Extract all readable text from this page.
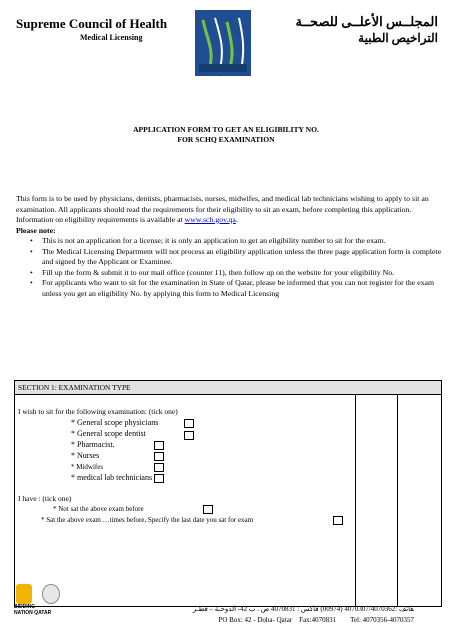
Supreme Council of Health
Medical Licensing
المجلــس الأعلــى للصحــة
التراخيص الطبية
APPLICATION FORM TO GET AN ELIGIBILITY NO.
FOR SCHQ EXAMINATION

This form is to be used by physicians, dentists, pharmacists, nurses, midwifes, and medical lab technicians wishing to apply to sit an examination. All applicants should read the requirements for their eligibility to sit an exam, before completing this application. Information on eligibility requirements is available at www.sch.gov.qa.

Please note:

• This is not an application for a license; it is only an application to get an eligibility number to sit for the exam.
• The Medical Licensing Department will not process an eligibility application unless the three page application form is complete and signed by the Applicant or Examinee.
• Fill up the form & submit it to our mail office (counter 11), then follow up on the website for your eligibility No.
• For applicants who want to sit for the examination in State of Qatar, please be informed that you can not register for the exam unless you get an eligibility No. by applying this form to Medical Licensing
SECTION 1: EXAMINATION TYPE
I wish to sit for the following examination: (tick one)
* General scope physicians
* General scope dentist
* Pharmacist.
* Nurses
* Midwifes
* medical lab technicians
I have : (tick one)
* Not sat the above exam before
* Sat the above exam …times before, Specify the last date you sat for exam
BIDDING NATION QATAR	هاتف :4070307/4070362 (00974) فاكس : 4070831 ص . ب 42- الدوحـة – قطـر
PO Box: 42 - Doha- Qatar Fax:4070831 Tel: 4070356-4070357
